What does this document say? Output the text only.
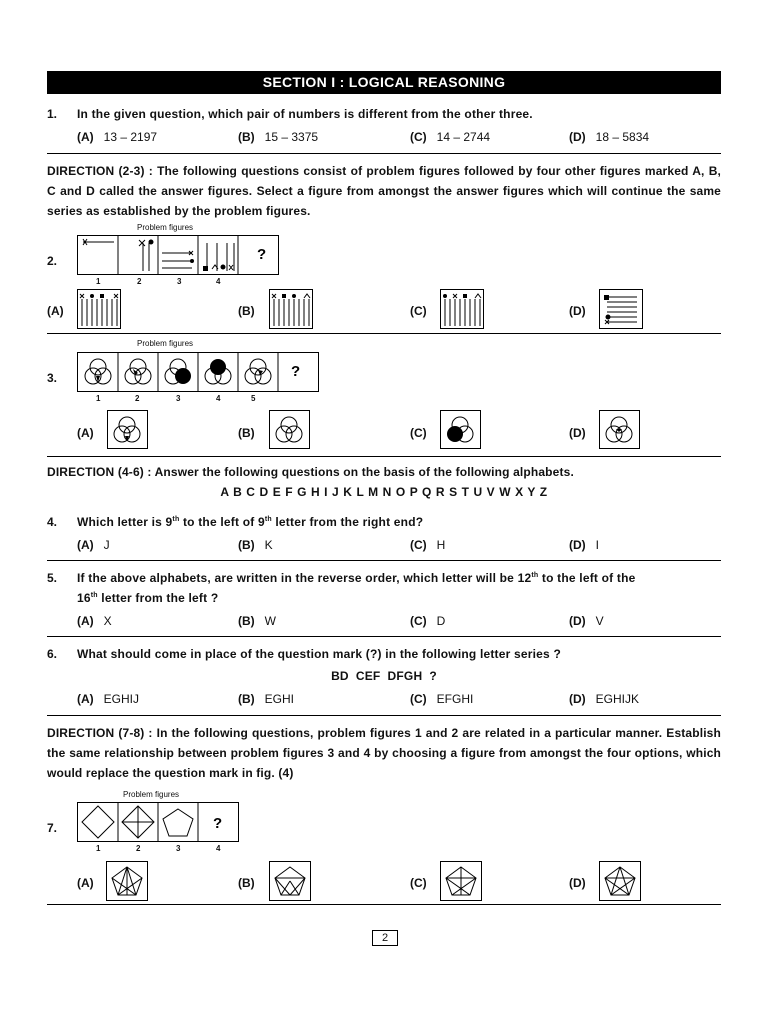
SECTION I : LOGICAL REASONING
1. In the given question, which pair of numbers is different from the other three.
(A) 13 – 2197	(B) 15 – 3375	(C) 14 – 2744	(D) 18 – 5834
DIRECTION (2-3) : The following questions consist of problem figures followed by four other figures marked A, B, C and D called the answer figures. Select a figure from amongst the answer figures which will continue the same series as established by the problem figures.
Problem figures
2.	?
1	2	3	4
(A)	(B)	(C)	(D)
Problem figures
3.	?
1	2	3	4	5
(A)	(B)	(C)	(D)
DIRECTION (4-6) : Answer the following questions on the basis of the following alphabets.
A B C D E F G H I J K L M N O P Q R S T U V W X Y Z
4. Which letter is 9th to the left of 9th letter from the right end?
(A) J	(B) K	(C) H	(D) I
5. If the above alphabets, are written in the reverse order, which letter will be 12th to the left of the
16th letter from the left ?
(A) X	(B) W	(C) D	(D) V
6. What should come in place of the question mark (?) in the following letter series ?
BD  CEF  DFGH  ?
(A) EGHIJ	(B) EGHI	(C) EFGHI	(D) EGHIJK
DIRECTION (7-8) : In the following questions, problem figures 1 and 2 are related in a particular manner. Establish the same relationship between problem figures 3 and 4 by choosing a figure from amongst the four options, which would replace the question mark in fig. (4)
Problem figures
7.	?
1	2	3	4
(A)	(B)	(C)	(D)
2
